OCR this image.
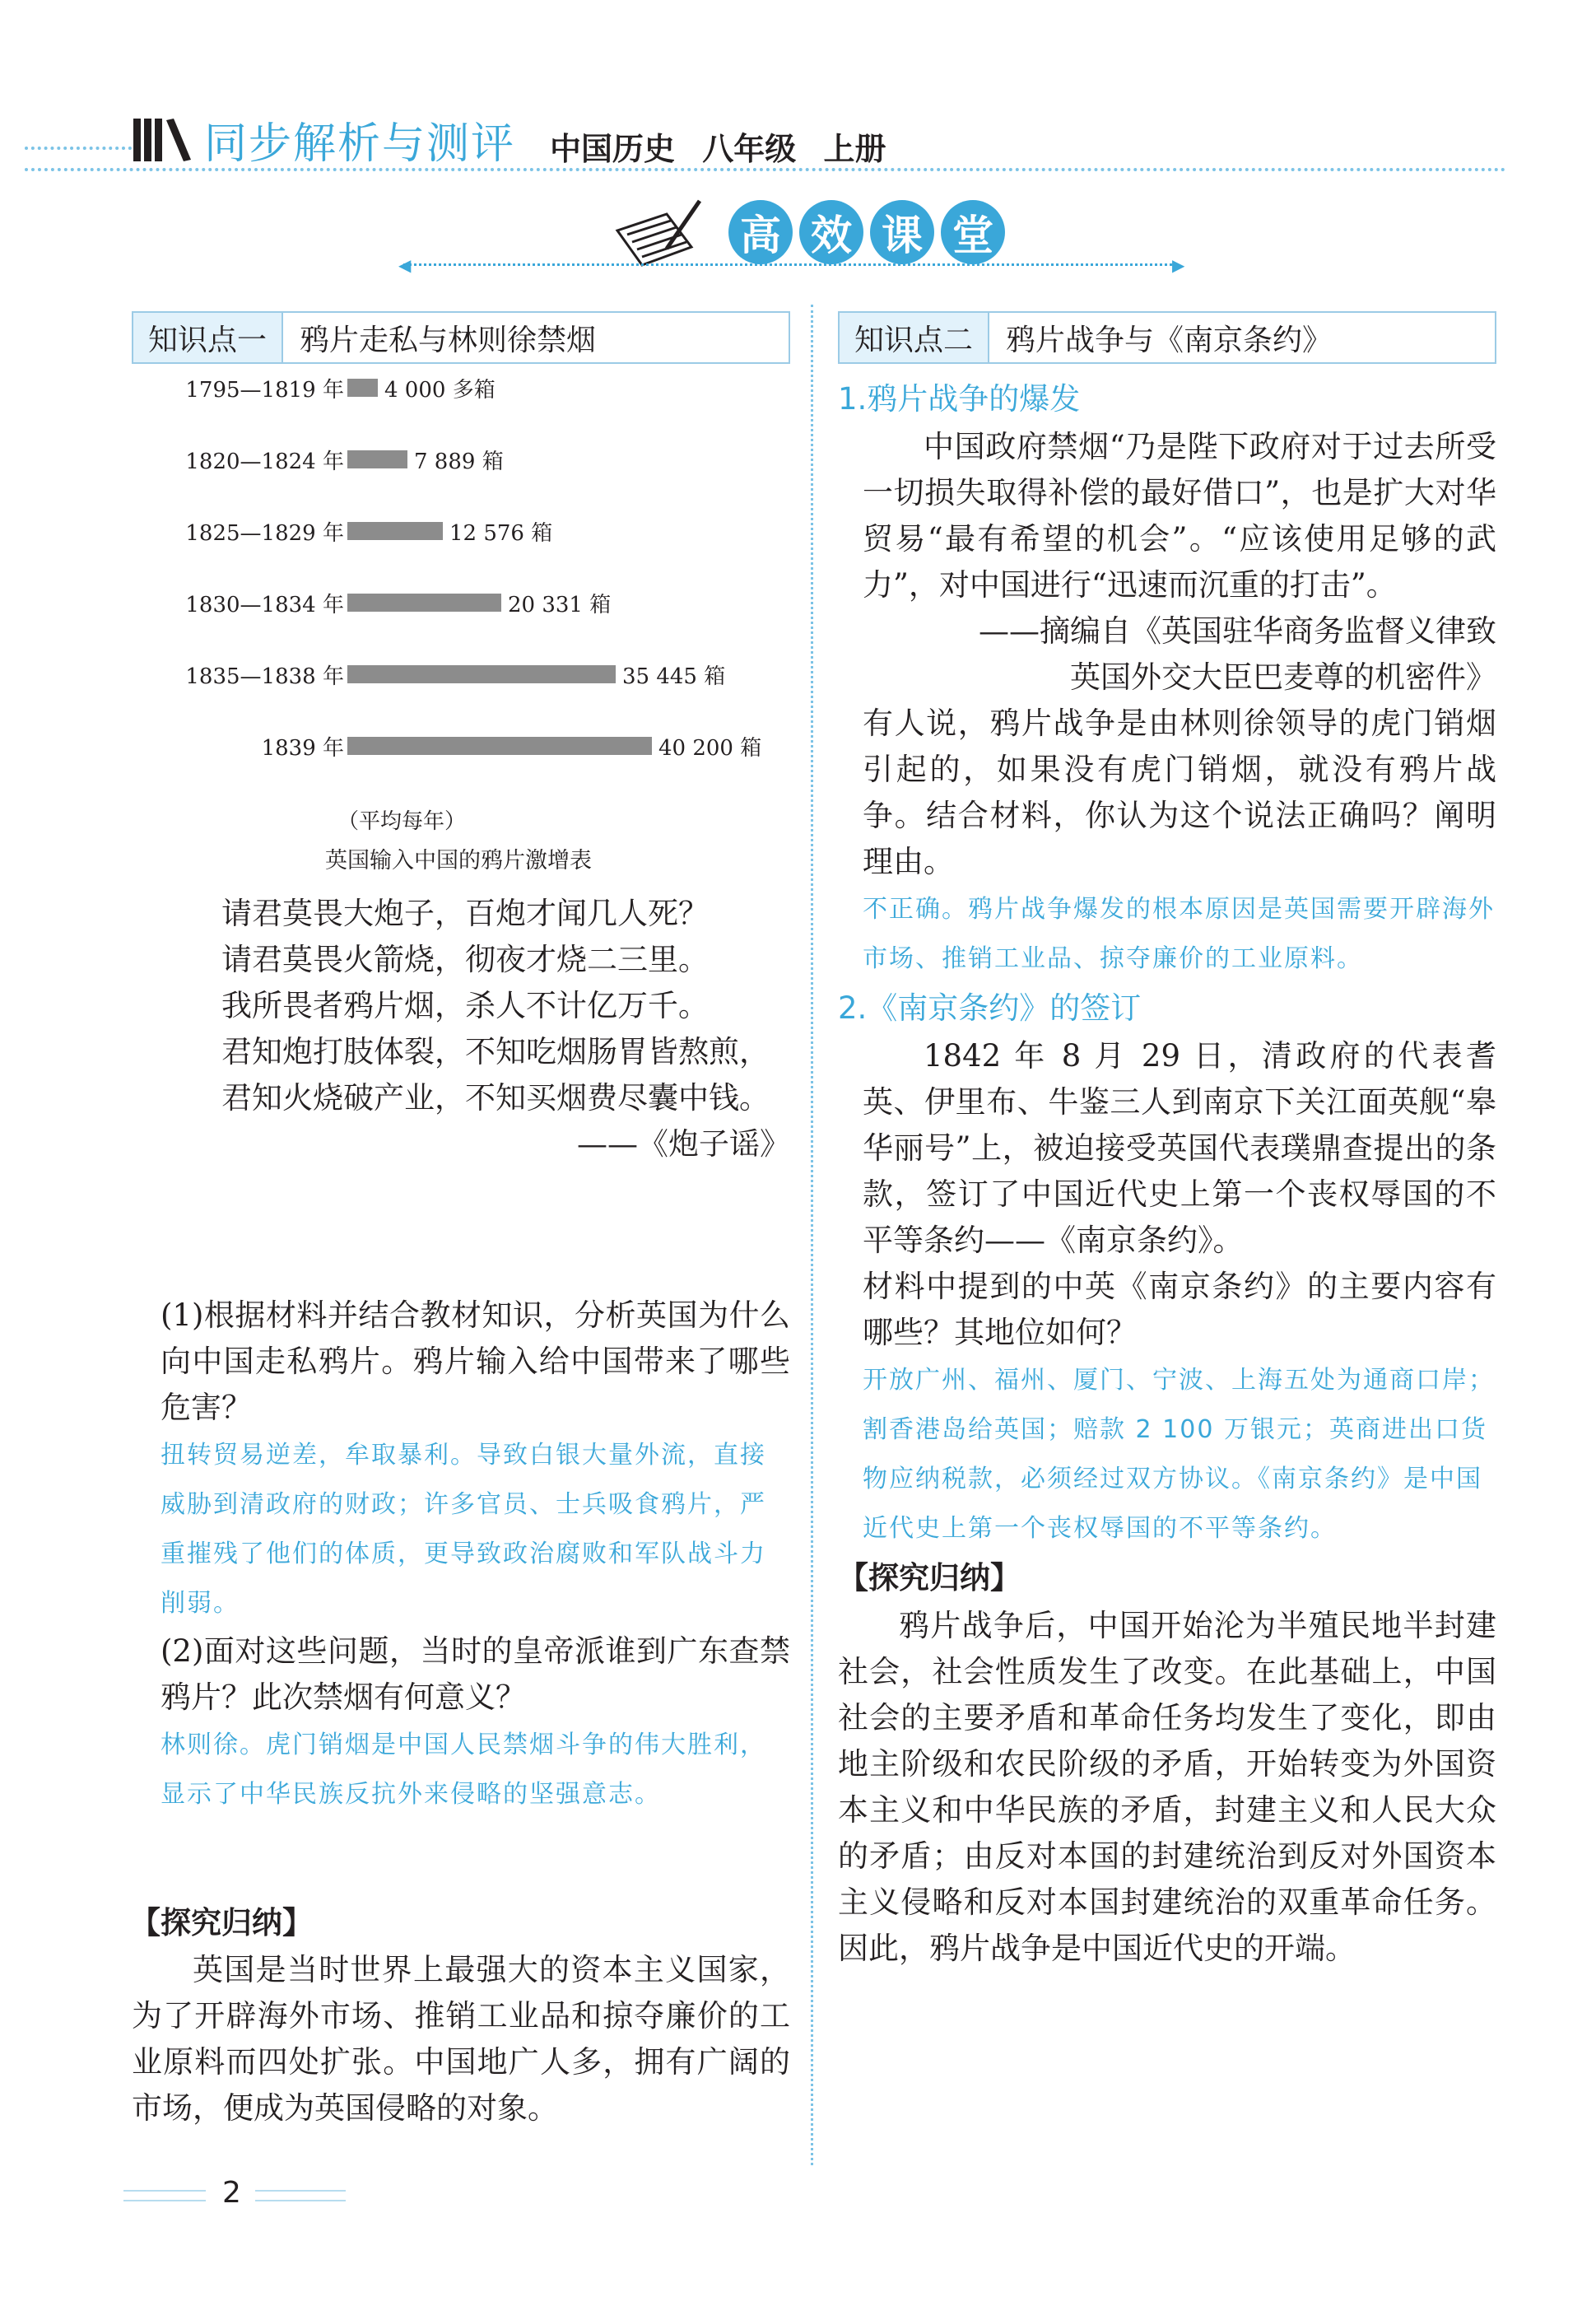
同步解析与测评 中国历史 八年级 上册
高 效 课 堂
◀	▶
知识点一	鸦片走私与林则徐禁烟
1795—1819 年 4 000 多箱
1820—1824 年	7 889 箱
1825—1829 年	12 576 箱
1830—1834 年	20 331 箱
1835—1838 年	35 445 箱
1839 年	40 200 箱
（平均每年）
英国输入中国的鸦片激增表

请君莫畏大炮子，百炮才闻几人死？

请君莫畏火箭烧，彻夜才烧二三里。

我所畏者鸦片烟，杀人不计亿万千。

君知炮打肢体裂，不知吃烟肠胃皆熬煎，

君知火烧破产业，不知买烟费尽囊中钱。

——《炮子谣》

(1)根据材料并结合教材知识，分析英国为什么向中国走私鸦片。鸦片输入给中国带来了哪些危害？

扭转贸易逆差，牟取暴利。导致白银大量外流，直接威胁到清政府的财政；许多官员、士兵吸食鸦片，严重摧残了他们的体质，更导致政治腐败和军队战斗力削弱。

(2)面对这些问题，当时的皇帝派谁到广东查禁鸦片？此次禁烟有何意义？

林则徐。虎门销烟是中国人民禁烟斗争的伟大胜利，显示了中华民族反抗外来侵略的坚强意志。

【探究归纳】

英国是当时世界上最强大的资本主义国家，为了开辟海外市场、推销工业品和掠夺廉价的工业原料而四处扩张。中国地广人多，拥有广阔的市场，便成为英国侵略的对象。

知识点二	鸦片战争与《南京条约》

1.鸦片战争的爆发

中国政府禁烟“乃是陛下政府对于过去所受一切损失取得补偿的最好借口”，也是扩大对华贸易“最有希望的机会”。“应该使用足够的武力”，对中国进行“迅速而沉重的打击”。

——摘编自《英国驻华商务监督义律致

英国外交大臣巴麦尊的机密件》

有人说，鸦片战争是由林则徐领导的虎门销烟引起的，如果没有虎门销烟，就没有鸦片战争。结合材料，你认为这个说法正确吗？阐明理由。

不正确。鸦片战争爆发的根本原因是英国需要开辟海外市场、推销工业品、掠夺廉价的工业原料。

2.《南京条约》的签订

1842 年 8 月 29 日，清政府的代表耆英、伊里布、牛鉴三人到南京下关江面英舰“皋华丽号”上，被迫接受英国代表璞鼎查提出的条款，签订了中国近代史上第一个丧权辱国的不平等条约——《南京条约》。

材料中提到的中英《南京条约》的主要内容有哪些？其地位如何？

开放广州、福州、厦门、宁波、上海五处为通商口岸；割香港岛给英国；赔款 2 100 万银元；英商进出口货物应纳税款，必须经过双方协议。《南京条约》是中国近代史上第一个丧权辱国的不平等条约。

【探究归纳】

鸦片战争后，中国开始沦为半殖民地半封建社会，社会性质发生了改变。在此基础上，中国社会的主要矛盾和革命任务均发生了变化，即由地主阶级和农民阶级的矛盾，开始转变为外国资本主义和中华民族的矛盾，封建主义和人民大众的矛盾；由反对本国的封建统治到反对外国资本主义侵略和反对本国封建统治的双重革命任务。因此，鸦片战争是中国近代史的开端。

2
